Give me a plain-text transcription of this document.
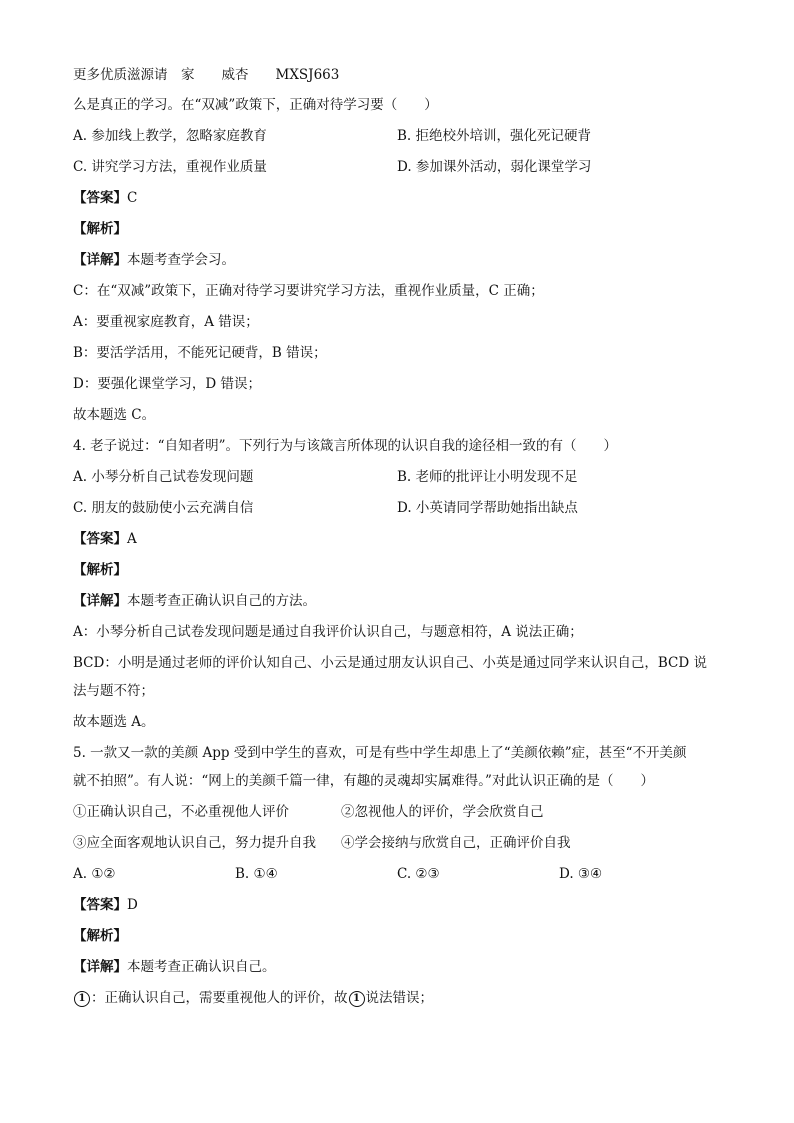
更多优质滋源请　家　　威杏　　MXSJ663
么是真正的学习。在“双减”政策下，正确对待学习要（　　）
A. 参加线上教学，忽略家庭教育	B. 拒绝校外培训，强化死记硬背
C. 讲究学习方法，重视作业质量	D. 参加课外活动，弱化课堂学习
【答案】C
【解析】
【详解】本题考查学会习。
C：在“双减”政策下，正确对待学习要讲究学习方法，重视作业质量，C 正确；
A：要重视家庭教育，A 错误；
B：要活学活用，不能死记硬背，B 错误；
D：要强化课堂学习，D 错误；
故本题选 C。
4. 老子说过：“自知者明”。下列行为与该箴言所体现的认识自我的途径相一致的有（　　）
A. 小琴分析自己试卷发现问题	B. 老师的批评让小明发现不足
C. 朋友的鼓励使小云充满自信	D. 小英请同学帮助她指出缺点
【答案】A
【解析】
【详解】本题考查正确认识自己的方法。
A：小琴分析自己试卷发现问题是通过自我评价认识自己，与题意相符，A 说法正确；
BCD：小明是通过老师的评价认知自己、小云是通过朋友认识自己、小英是通过同学来认识自己，BCD 说
法与题不符；
故本题选 A。
5. 一款又一款的美颜 App 受到中学生的喜欢，可是有些中学生却患上了“美颜依赖”症，甚至“不开美颜
就不拍照”。有人说：“网上的美颜千篇一律，有趣的灵魂却实属难得。”对此认识正确的是（　　）
①正确认识自己，不必重视他人评价	②忽视他人的评价，学会欣赏自己
③应全面客观地认识自己，努力提升自我	④学会接纳与欣赏自己，正确评价自我
A. ①②	B. ①④	C. ②③	D. ③④
【答案】D
【解析】
【详解】本题考查正确认识自己。
1 ：正确认识自己，需要重视他人的评价，故 1 说法错误；
